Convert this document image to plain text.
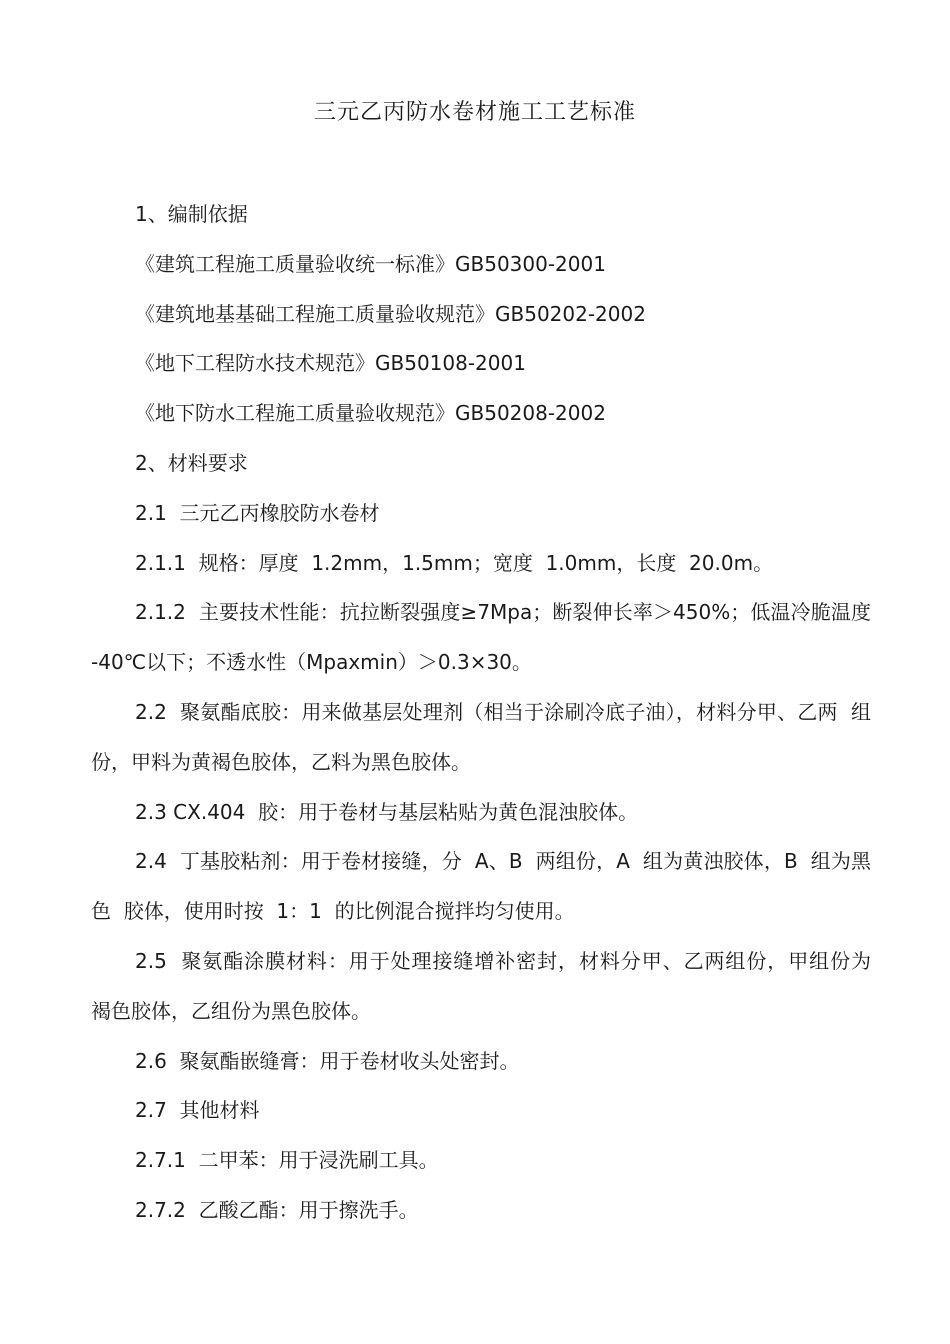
三元乙丙防水卷材施工工艺标准

1、编制依据

《建筑工程施工质量验收统一标准》GB50300-2001

《建筑地基基础工程施工质量验收规范》GB50202-2002

《地下工程防水技术规范》GB50108-2001

《地下防水工程施工质量验收规范》GB50208-2002

2、材料要求

2.1  三元乙丙橡胶防水卷材

2.1.1  规格：厚度  1.2mm，1.5mm；宽度  1.0mm，长度  20.0m。

2.1.2  主要技术性能：抗拉断裂强度≥7Mpa；断裂伸长率＞450%；低温冷脆温度  -40℃以下；不透水性（Mpaxmin）＞0.3×30。

2.2  聚氨酯底胶：用来做基层处理剂（相当于涂刷冷底子油），材料分甲、乙两  组份，甲料为黄褐色胶体，乙料为黑色胶体。

2.3 CX.404  胶：用于卷材与基层粘贴为黄色混浊胶体。

2.4  丁基胶粘剂：用于卷材接缝，分  A、B  两组份，A  组为黄浊胶体，B  组为黑色  胶体，使用时按  1：1  的比例混合搅拌均匀使用。

2.5  聚氨酯涂膜材料：用于处理接缝增补密封，材料分甲、乙两组份，甲组份为  褐色胶体，乙组份为黑色胶体。

2.6  聚氨酯嵌缝膏：用于卷材收头处密封。

2.7  其他材料

2.7.1  二甲苯：用于浸洗刷工具。

2.7.2  乙酸乙酯：用于擦洗手。
